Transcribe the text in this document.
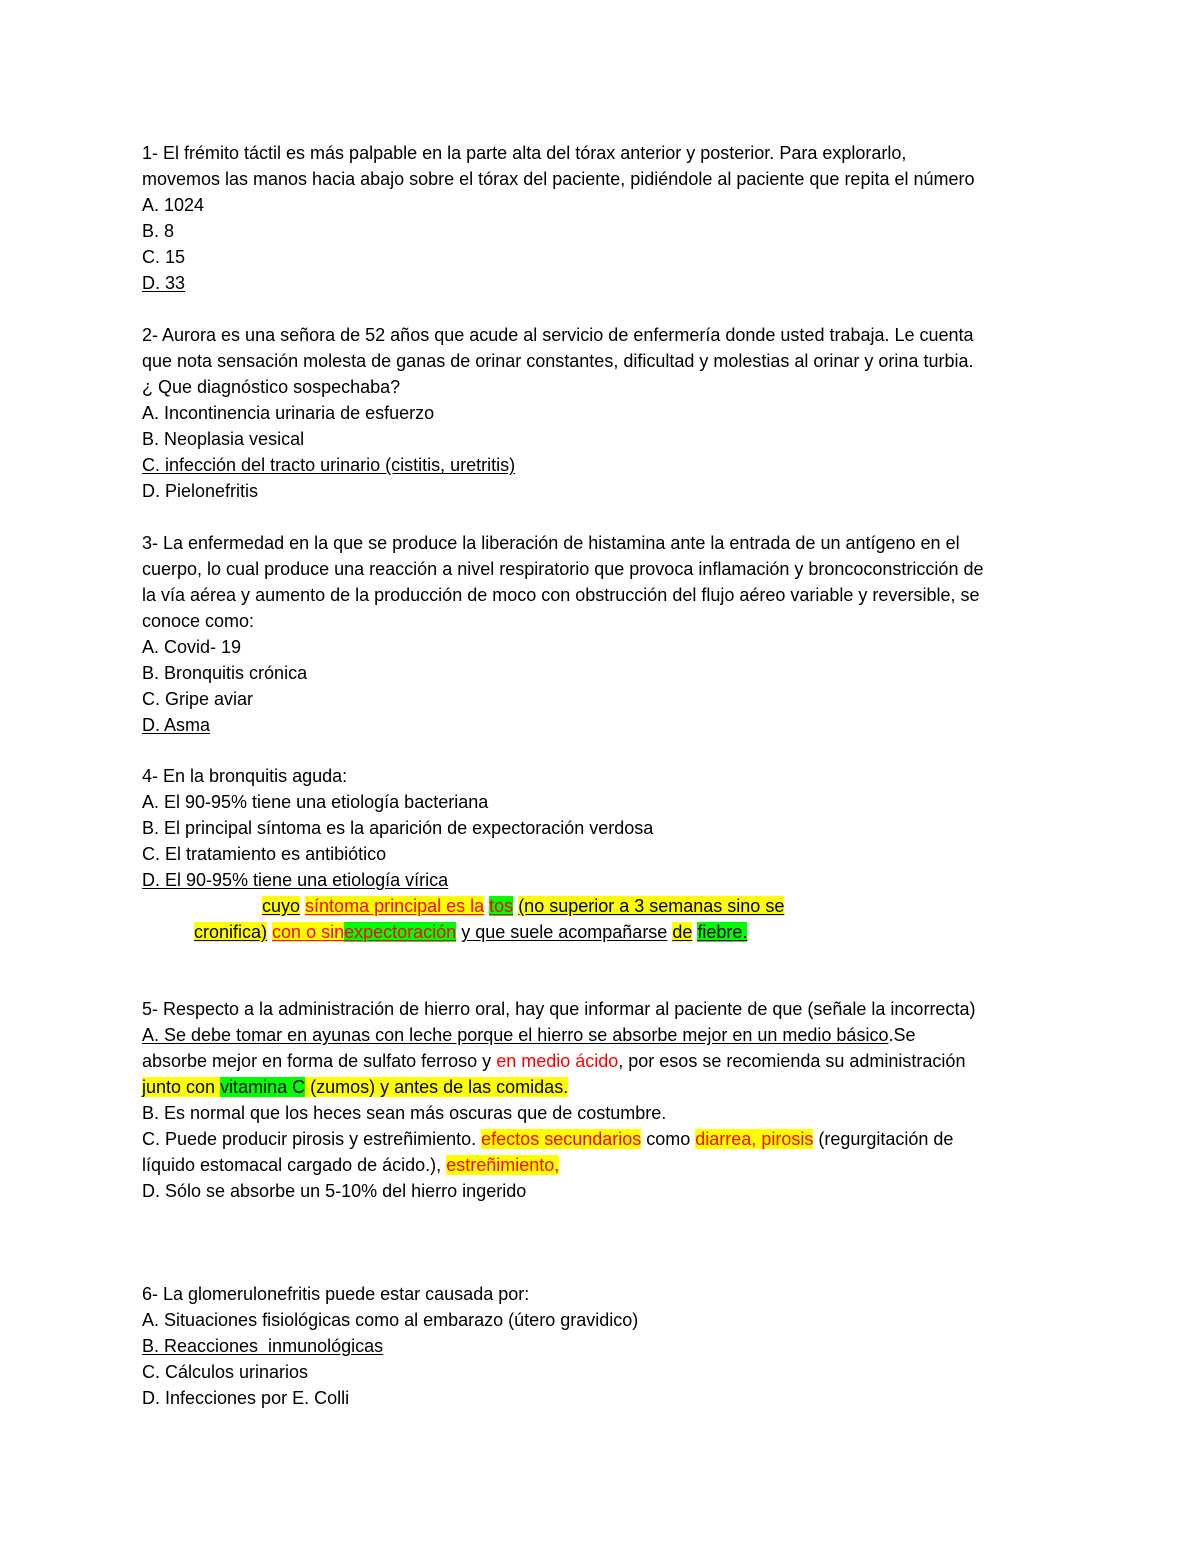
1- El frémito táctil es más palpable en la parte alta del tórax anterior y posterior. Para explorarlo,
movemos las manos hacia abajo sobre el tórax del paciente, pidiéndole al paciente que repita el número
A. 1024
B. 8
C. 15
D. 33
2- Aurora es una señora de 52 años que acude al servicio de enfermería donde usted trabaja. Le cuenta
que nota sensación molesta de ganas de orinar constantes, dificultad y molestias al orinar y orina turbia.
¿ Que diagnóstico sospechaba?
A. Incontinencia urinaria de esfuerzo
B. Neoplasia vesical
C. infección del tracto urinario (cistitis, uretritis)
D. Pielonefritis
3- La enfermedad en la que se produce la liberación de histamina ante la entrada de un antígeno en el
cuerpo, lo cual produce una reacción a nivel respiratorio que provoca inflamación y broncoconstricción de
la vía aérea y aumento de la producción de moco con obstrucción del flujo aéreo variable y reversible, se
conoce como:
A. Covid- 19
B. Bronquitis crónica
C. Gripe aviar
D. Asma
4- En la bronquitis aguda:
A. El 90-95% tiene una etiología bacteriana
B. El principal síntoma es la aparición de expectoración verdosa
C. El tratamiento es antibiótico
D. El 90-95% tiene una etiología vírica
cuyo síntoma principal es la tos (no superior a 3 semanas sino se
cronifica) con o sinexpectoración y que suele acompañarse de fiebre.
5- Respecto a la administración de hierro oral, hay que informar al paciente de que (señale la incorrecta)
A. Se debe tomar en ayunas con leche porque el hierro se absorbe mejor en un medio básico.Se
absorbe mejor en forma de sulfato ferroso y en medio ácido, por esos se recomienda su administración
junto con vitamina C (zumos) y antes de las comidas.
B. Es normal que los heces sean más oscuras que de costumbre.
C. Puede producir pirosis y estreñimiento. efectos secundarios como diarrea, pirosis (regurgitación de
líquido estomacal cargado de ácido.), estreñimiento,
D. Sólo se absorbe un 5-10% del hierro ingerido
6- La glomerulonefritis puede estar causada por:
A. Situaciones fisiológicas como al embarazo (útero gravidico)
B. Reacciones  inmunológicas
C. Cálculos urinarios
D. Infecciones por E. Colli
